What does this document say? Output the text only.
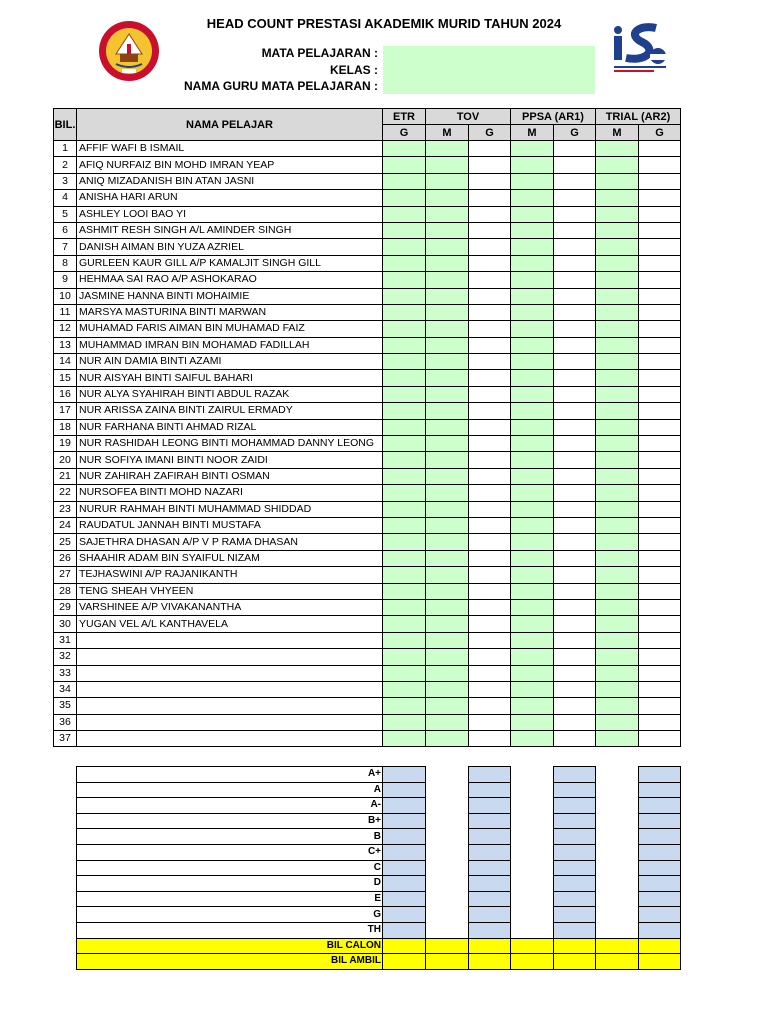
HEAD COUNT PRESTASI AKADEMIK MURID TAHUN 2024
MATA PELAJARAN :
KELAS :
NAMA GURU MATA PELAJARAN :
BIL.	NAMA PELAJAR	ETR	TOV		PPSA (AR1)		TRIAL (AR2)	
		G	M	G	M	G	M	G
1	AFFIF WAFI B ISMAIL							
2	AFIQ NURFAIZ BIN MOHD IMRAN YEAP							
3	ANIQ MIZADANISH BIN ATAN JASNI							
4	ANISHA HARI ARUN							
5	ASHLEY LOOI BAO YI							
6	ASHMIT RESH SINGH A/L AMINDER SINGH							
7	DANISH AIMAN BIN YUZA AZRIEL							
8	GURLEEN KAUR GILL A/P KAMALJIT SINGH GILL							
9	HEHMAA SAI RAO A/P ASHOKARAO							
10	JASMINE HANNA BINTI MOHAIMIE							
11	MARSYA MASTURINA BINTI MARWAN							
12	MUHAMAD FARIS AIMAN BIN MUHAMAD FAIZ							
13	MUHAMMAD IMRAN BIN MOHAMAD FADILLAH							
14	NUR AIN DAMIA BINTI AZAMI							
15	NUR AISYAH BINTI SAIFUL BAHARI							
16	NUR ALYA SYAHIRAH BINTI ABDUL RAZAK							
17	NUR ARISSA ZAINA BINTI ZAIRUL ERMADY							
18	NUR FARHANA BINTI AHMAD RIZAL							
19	NUR RASHIDAH LEONG BINTI MOHAMMAD DANNY LEONG							
20	NUR SOFIYA IMANI BINTI NOOR ZAIDI							
21	NUR ZAHIRAH ZAFIRAH BINTI OSMAN							
22	NURSOFEA BINTI MOHD NAZARI							
23	NURUR RAHMAH BINTI MUHAMMAD SHIDDAD							
24	RAUDATUL JANNAH BINTI MUSTAFA							
25	SAJETHRA DHASAN A/P V P RAMA DHASAN							
26	SHAAHIR ADAM BIN SYAIFUL NIZAM							
27	TEJHASWINI A/P RAJANIKANTH							
28	TENG SHEAH VHYEEN							
29	VARSHINEE A/P VIVAKANANTHA							
30	YUGAN VEL A/L KANTHAVELA							
31								
32								
33								
34								
35								
36								
37								
A+							
A							
A-							
B+							
B							
C+							
C							
D							
E							
G							
TH							
BIL CALON							
BIL AMBIL							
